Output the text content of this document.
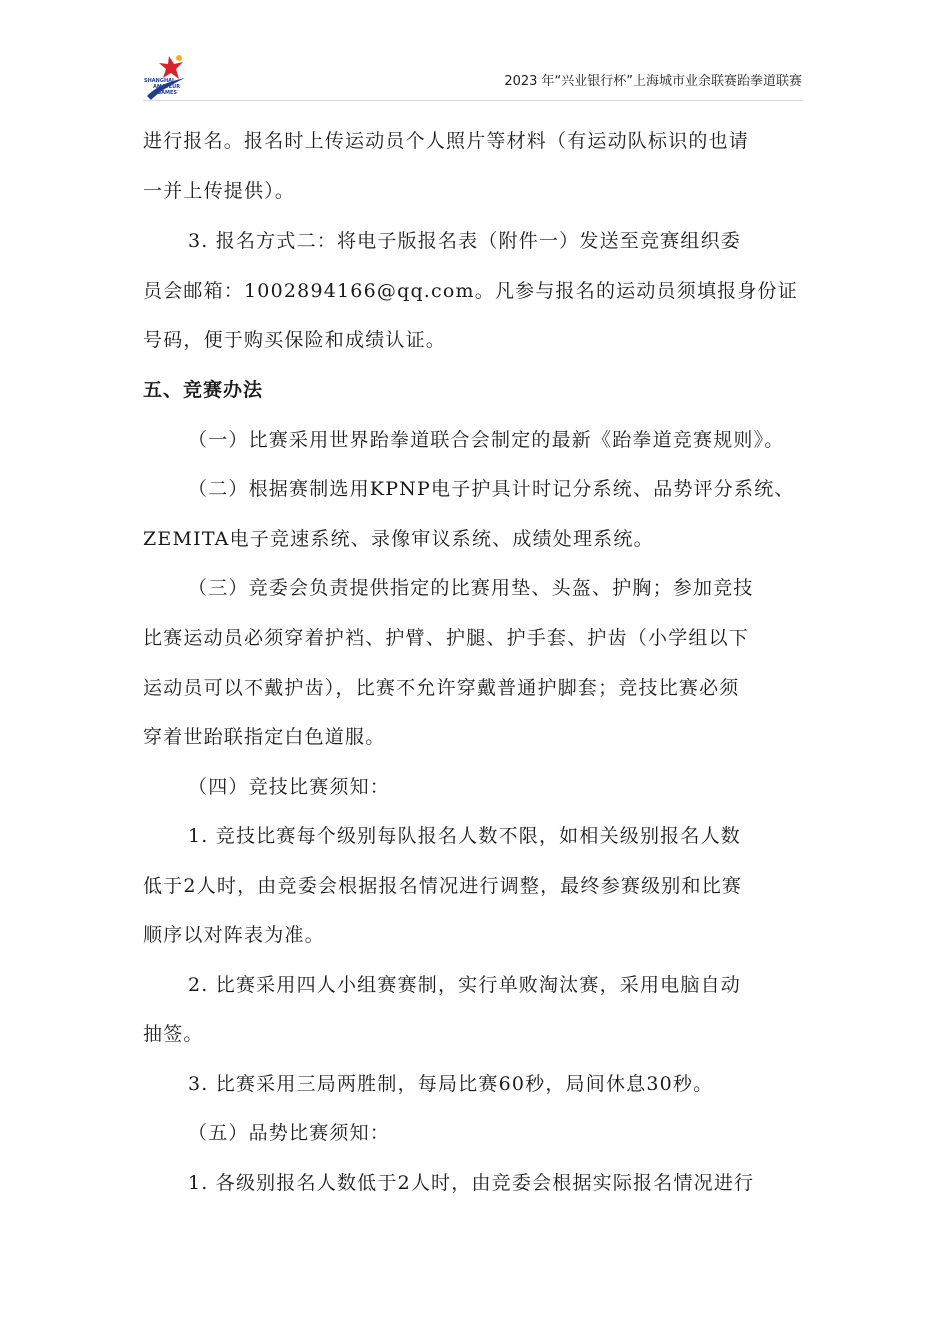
SHANGHAI
AMATEUR
GAMES
2023 年“兴业银行杯”上海城市业余联赛跆拳道联赛
进行报名。报名时上传运动员个人照片等材料（有运动队标识的也请
一并上传提供）。
3. 报名方式二：将电子版报名表（附件一）发送至竞赛组织委
员会邮箱：1002894166@qq.com。凡参与报名的运动员须填报身份证
号码，便于购买保险和成绩认证。
五、竞赛办法
（一）比赛采用世界跆拳道联合会制定的最新《跆拳道竞赛规则》。
（二）根据赛制选用KPNP电子护具计时记分系统、品势评分系统、
ZEMITA电子竞速系统、录像审议系统、成绩处理系统。
（三）竞委会负责提供指定的比赛用垫、头盔、护胸；参加竞技
比赛运动员必须穿着护裆、护臂、护腿、护手套、护齿（小学组以下
运动员可以不戴护齿），比赛不允许穿戴普通护脚套；竞技比赛必须
穿着世跆联指定白色道服。
（四）竞技比赛须知：
1. 竞技比赛每个级别每队报名人数不限，如相关级别报名人数
低于2人时，由竞委会根据报名情况进行调整，最终参赛级别和比赛
顺序以对阵表为准。
2. 比赛采用四人小组赛赛制，实行单败淘汰赛，采用电脑自动
抽签。
3. 比赛采用三局两胜制，每局比赛60秒，局间休息30秒。
（五）品势比赛须知：
1. 各级别报名人数低于2人时，由竞委会根据实际报名情况进行
